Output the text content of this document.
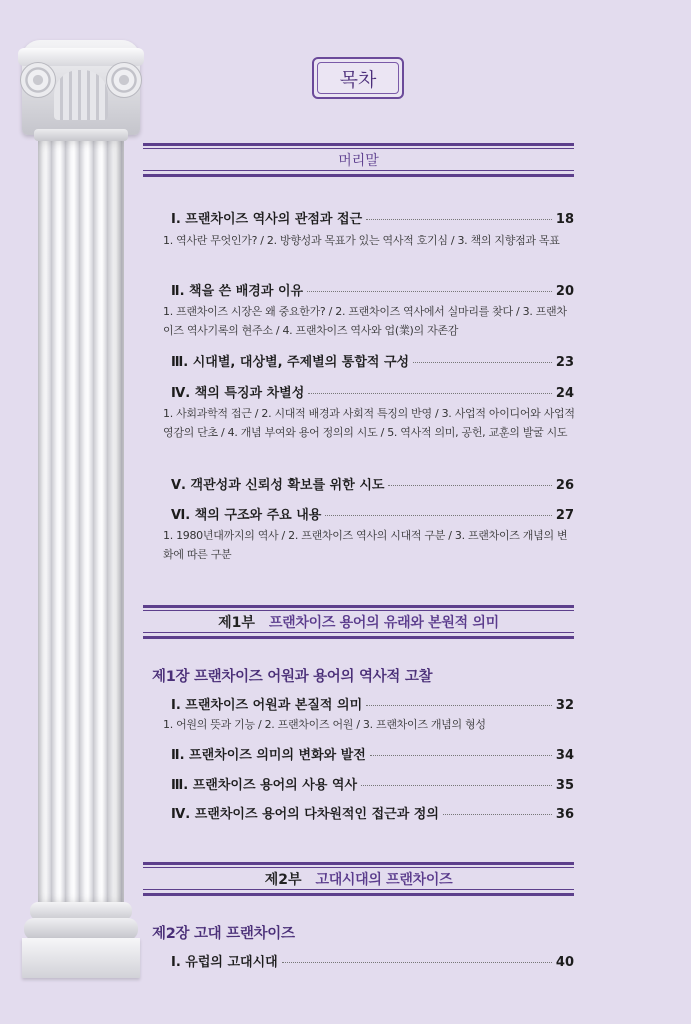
목차
머리말
Ⅰ. 프랜차이즈 역사의 관점과 접근	18
1. 역사란 무엇인가? / 2. 방향성과 목표가 있는 역사적 호기심 / 3. 책의 지향점과 목표
Ⅱ. 책을 쓴 배경과 이유	20
1. 프랜차이즈 시장은 왜 중요한가? / 2. 프랜차이즈 역사에서 실마리를 찾다 / 3. 프랜차이즈 역사기록의 현주소 / 4. 프랜차이즈 역사와 업(業)의 자존감
Ⅲ. 시대별, 대상별, 주제별의 통합적 구성	23
Ⅳ. 책의 특징과 차별성	24
1. 사회과학적 접근 / 2. 시대적 배경과 사회적 특징의 반영 / 3. 사업적 아이디어와 사업적 영감의 단초 / 4. 개념 부여와 용어 정의의 시도 / 5. 역사적 의미, 공헌, 교훈의 발굴 시도
Ⅴ. 객관성과 신뢰성 확보를 위한 시도	26
Ⅵ. 책의 구조와 주요 내용	27
1. 1980년대까지의 역사 / 2. 프랜차이즈 역사의 시대적 구분 / 3. 프랜차이즈 개념의 변화에 따른 구분
제1부 프랜차이즈 용어의 유래와 본원적 의미
제1장 프랜차이즈 어원과 용어의 역사적 고찰
Ⅰ. 프랜차이즈 어원과 본질적 의미	32
1. 어원의 뜻과 기능 / 2. 프랜차이즈 어원 / 3. 프랜차이즈 개념의 형성
Ⅱ. 프랜차이즈 의미의 변화와 발전	34
Ⅲ. 프랜차이즈 용어의 사용 역사	35
Ⅳ. 프랜차이즈 용어의 다차원적인 접근과 정의	36
제2부 고대시대의 프랜차이즈
제2장 고대 프랜차이즈
Ⅰ. 유럽의 고대시대	40
